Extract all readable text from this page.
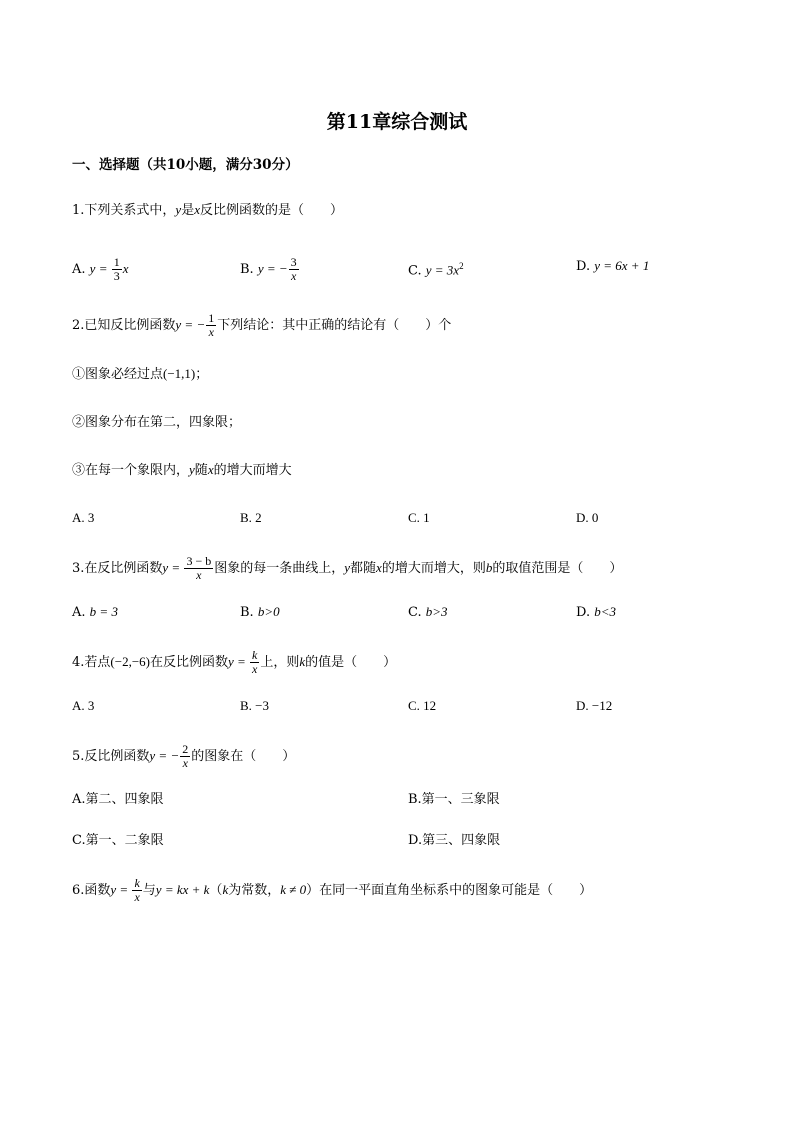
第11章综合测试
一、选择题（共10小题，满分30分）
1.下列关系式中，y是x反比例函数的是（　　）
A. $y = \frac{1}{3}$ x	B. y = − $\frac{3}{x}$	C. $y = 3x^2$	D. y = 6x + 1
2.已知反比例函数y = − $\frac{1}{x}$ 下列结论：其中正确的结论有（　　）个
①图象必经过点(−1,1)；
②图象分布在第二，四象限；
③在每一个象限内，y随x的增大而增大
A. 3	B. 2	C. 1	D. 0
3.在反比例函数$y = \frac{3 - b}{x}$ 图象的每一条曲线上，y都随x的增大而增大，则b的取值范围是（　　）
A. b = 3	B. b>0	C. b>3	D. b<3
4.若点(−2,−6)在反比例函数$y = \frac{k}{x}$ 上，则k的值是（　　）
A. 3	B. −3	C. 12	D. −12
5.反比例函数y = − $\frac{2}{x}$ 的图象在（　　）
A.第二、四象限	B.第一、三象限
C.第一、二象限	D.第三、四象限
6.函数$y = \frac{k}{x}$ 与y = kx + k（k为常数，k ≠ 0）在同一平面直角坐标系中的图象可能是（　　）
